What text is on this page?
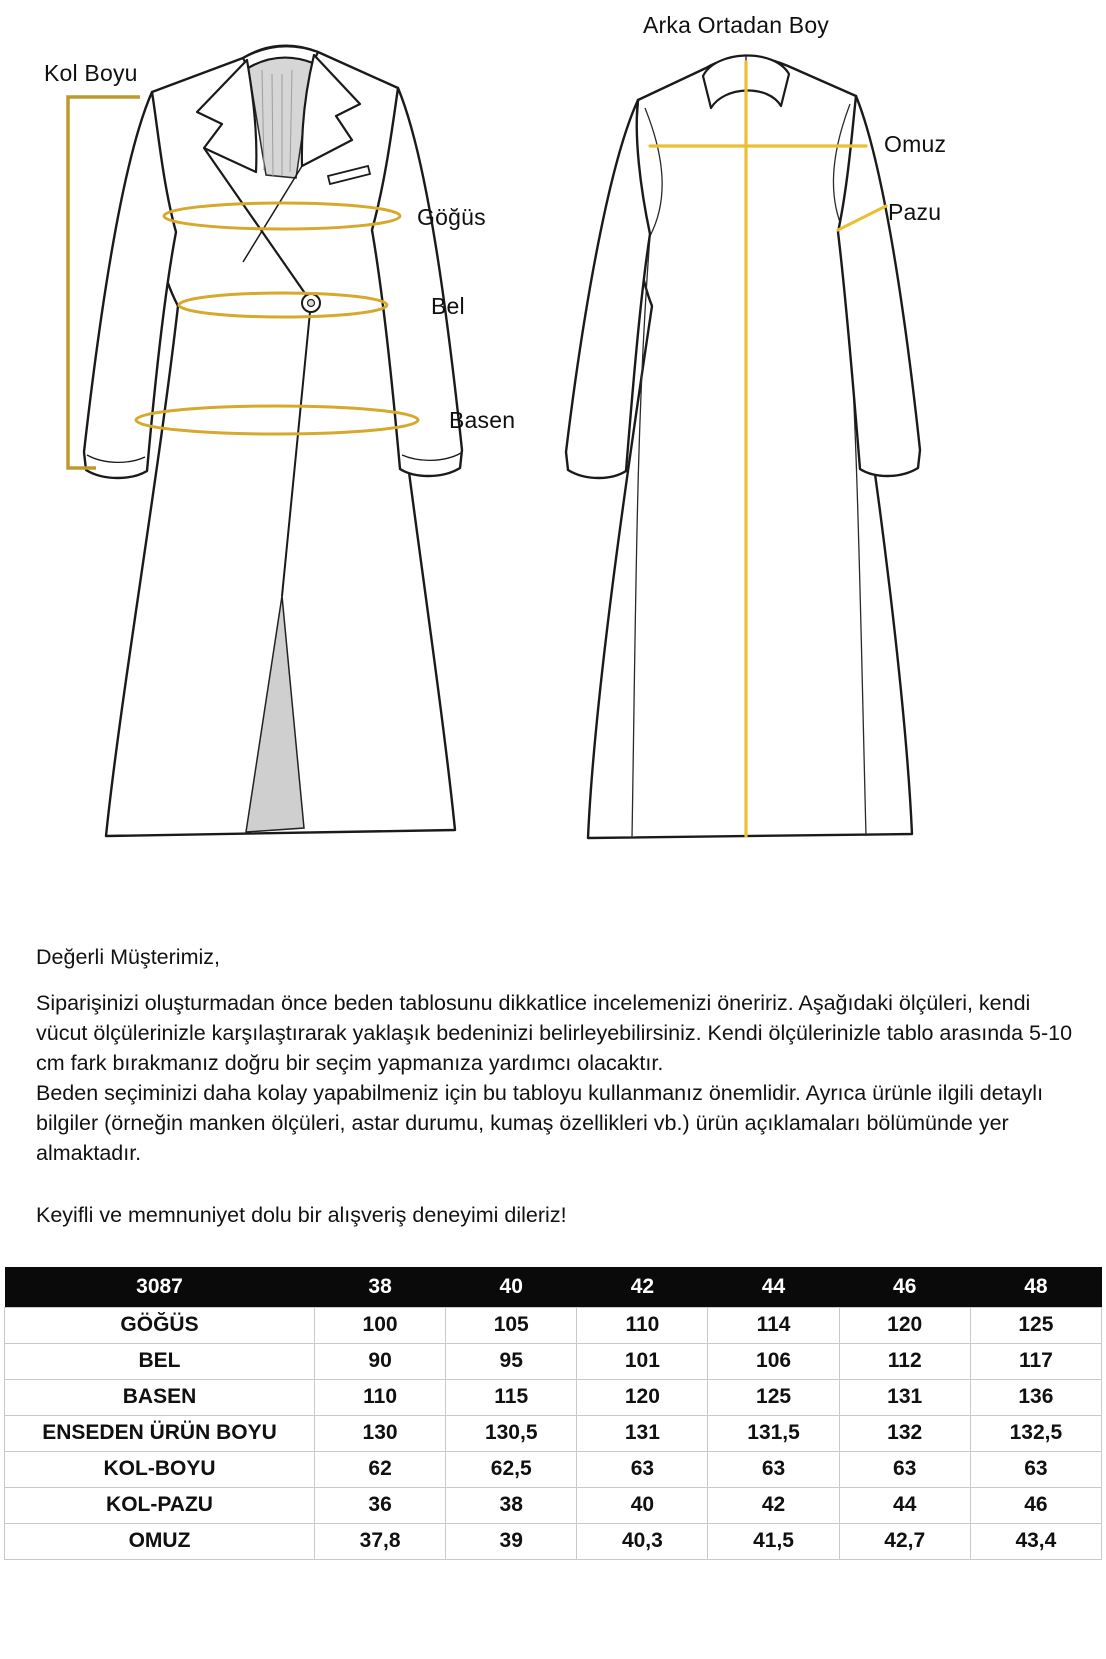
Kol Boyu
Arka Ortadan Boy
Göğüs
Bel
Basen
Omuz
Pazu

Değerli Müşterimiz,

Siparişinizi oluşturmadan önce beden tablosunu dikkatlice incelemenizi öneririz. Aşağıdaki ölçüleri, kendi vücut ölçülerinizle karşılaştırarak yaklaşık bedeninizi belirleyebilirsiniz. Kendi ölçülerinizle tablo arasında 5-10 cm fark bırakmanız doğru bir seçim yapmanıza yardımcı olacaktır.

Beden seçiminizi daha kolay yapabilmeniz için bu tabloyu kullanmanız önemlidir. Ayrıca ürünle ilgili detaylı bilgiler (örneğin manken ölçüleri, astar durumu, kumaş özellikleri vb.) ürün açıklamaları bölümünde yer almaktadır.

Keyifli ve memnuniyet dolu bir alışveriş deneyimi dileriz!

3087	38	40	42	44	46	48
GÖĞÜS	100	105	110	114	120	125
BEL	90	95	101	106	112	117
BASEN	110	115	120	125	131	136
ENSEDEN ÜRÜN BOYU	130	130,5	131	131,5	132	132,5
KOL-BOYU	62	62,5	63	63	63	63
KOL-PAZU	36	38	40	42	44	46
OMUZ	37,8	39	40,3	41,5	42,7	43,4
